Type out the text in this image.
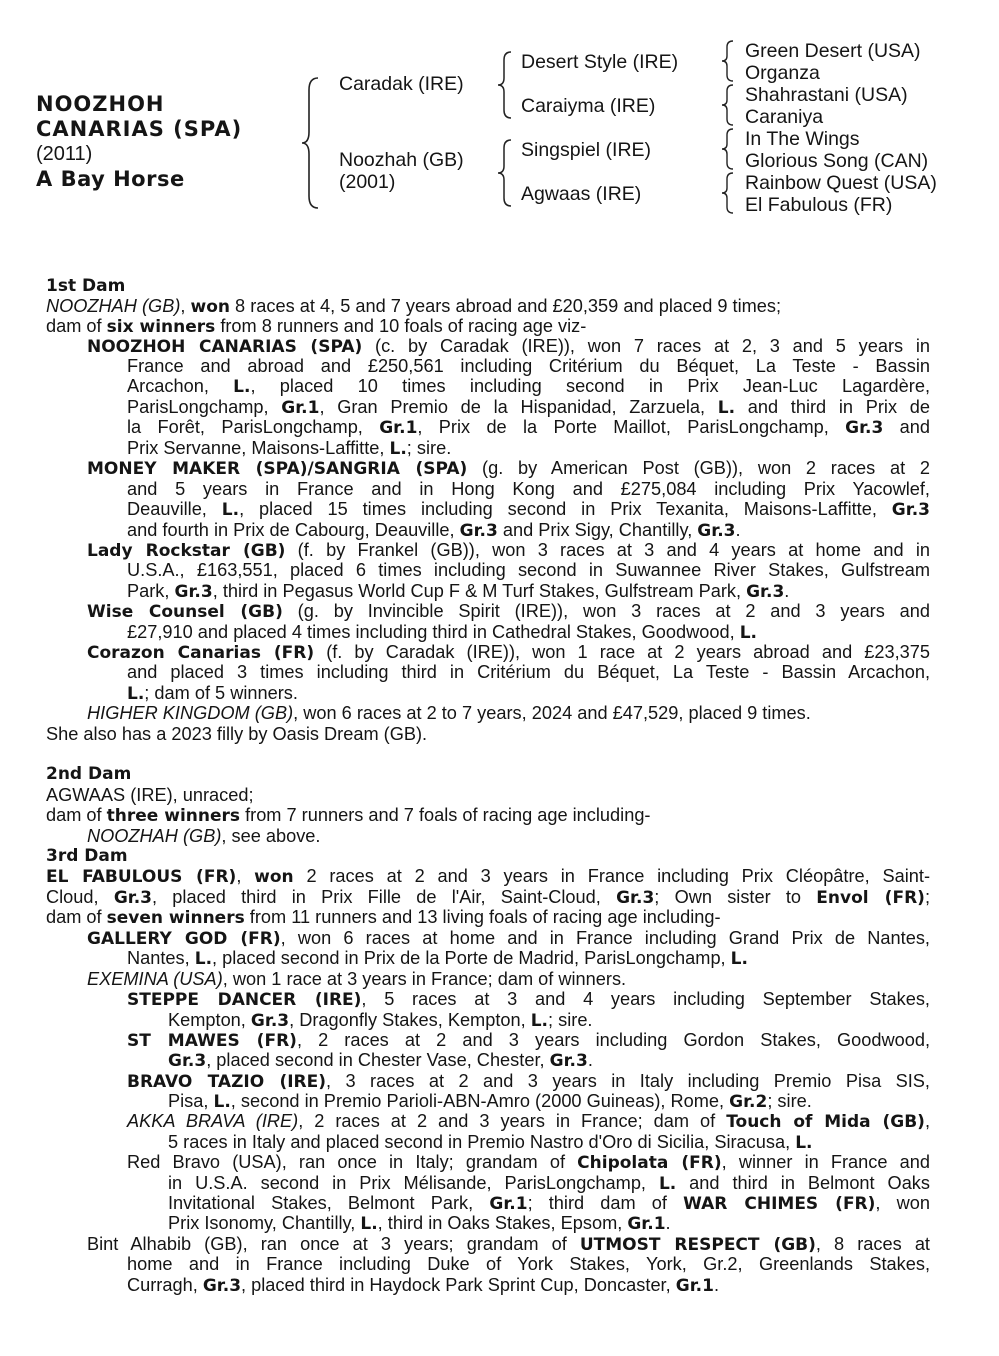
NOOZHOH
CANARIAS (SPA)
(2011)
A Bay Horse
Caradak (IRE)
Noozhah (GB)
(2001)
Desert Style (IRE)
Caraiyma (IRE)
Singspiel (IRE)
Agwaas (IRE)
Green Desert (USA)
Organza
Shahrastani (USA)
Caraniya
In The Wings
Glorious Song (CAN)
Rainbow Quest (USA)
El Fabulous (FR)
1st Dam
NOOZHAH (GB), won 8 races at 4, 5 and 7 years abroad and £20,359 and placed 9 times;
dam of six winners from 8 runners and 10 foals of racing age viz-
NOOZHOH CANARIAS (SPA) (c. by Caradak (IRE)), won 7 races at 2, 3 and 5 years in
France and abroad and £250,561 including Critérium du Béquet, La Teste - Bassin
Arcachon, L., placed 10 times including second in Prix Jean-Luc Lagardère,
ParisLongchamp, Gr.1, Gran Premio de la Hispanidad, Zarzuela, L. and third in Prix de
la Forêt, ParisLongchamp, Gr.1, Prix de la Porte Maillot, ParisLongchamp, Gr.3 and
Prix Servanne, Maisons-Laffitte, L.; sire.
MONEY MAKER (SPA)/SANGRIA (SPA) (g. by American Post (GB)), won 2 races at 2
and 5 years in France and in Hong Kong and £275,084 including Prix Yacowlef,
Deauville, L., placed 15 times including second in Prix Texanita, Maisons-Laffitte, Gr.3
and fourth in Prix de Cabourg, Deauville, Gr.3 and Prix Sigy, Chantilly, Gr.3.
Lady Rockstar (GB) (f. by Frankel (GB)), won 3 races at 3 and 4 years at home and in
U.S.A., £163,551, placed 6 times including second in Suwannee River Stakes, Gulfstream
Park, Gr.3, third in Pegasus World Cup F & M Turf Stakes, Gulfstream Park, Gr.3.
Wise Counsel (GB) (g. by Invincible Spirit (IRE)), won 3 races at 2 and 3 years and
£27,910 and placed 4 times including third in Cathedral Stakes, Goodwood, L.
Corazon Canarias (FR) (f. by Caradak (IRE)), won 1 race at 2 years abroad and £23,375
and placed 3 times including third in Critérium du Béquet, La Teste - Bassin Arcachon,
L.; dam of 5 winners.
HIGHER KINGDOM (GB), won 6 races at 2 to 7 years, 2024 and £47,529, placed 9 times.
She also has a 2023 filly by Oasis Dream (GB).
2nd Dam
AGWAAS (IRE), unraced;
dam of three winners from 7 runners and 7 foals of racing age including-
NOOZHAH (GB), see above.
3rd Dam
EL FABULOUS (FR), won 2 races at 2 and 3 years in France including Prix Cléopâtre, Saint-
Cloud, Gr.3, placed third in Prix Fille de l'Air, Saint-Cloud, Gr.3; Own sister to Envol (FR);
dam of seven winners from 11 runners and 13 living foals of racing age including-
GALLERY GOD (FR), won 6 races at home and in France including Grand Prix de Nantes,
Nantes, L., placed second in Prix de la Porte de Madrid, ParisLongchamp, L.
EXEMINA (USA), won 1 race at 3 years in France; dam of winners.
STEPPE DANCER (IRE), 5 races at 3 and 4 years including September Stakes,
Kempton, Gr.3, Dragonfly Stakes, Kempton, L.; sire.
ST MAWES (FR), 2 races at 2 and 3 years including Gordon Stakes, Goodwood,
Gr.3, placed second in Chester Vase, Chester, Gr.3.
BRAVO TAZIO (IRE), 3 races at 2 and 3 years in Italy including Premio Pisa SIS,
Pisa, L., second in Premio Parioli-ABN-Amro (2000 Guineas), Rome, Gr.2; sire.
AKKA BRAVA (IRE), 2 races at 2 and 3 years in France; dam of Touch of Mida (GB),
5 races in Italy and placed second in Premio Nastro d'Oro di Sicilia, Siracusa, L.
Red Bravo (USA), ran once in Italy; grandam of Chipolata (FR), winner in France and
in U.S.A. second in Prix Mélisande, ParisLongchamp, L. and third in Belmont Oaks
Invitational Stakes, Belmont Park, Gr.1; third dam of WAR CHIMES (FR), won
Prix Isonomy, Chantilly, L., third in Oaks Stakes, Epsom, Gr.1.
Bint Alhabib (GB), ran once at 3 years; grandam of UTMOST RESPECT (GB), 8 races at
home and in France including Duke of York Stakes, York, Gr.2, Greenlands Stakes,
Curragh, Gr.3, placed third in Haydock Park Sprint Cup, Doncaster, Gr.1.
